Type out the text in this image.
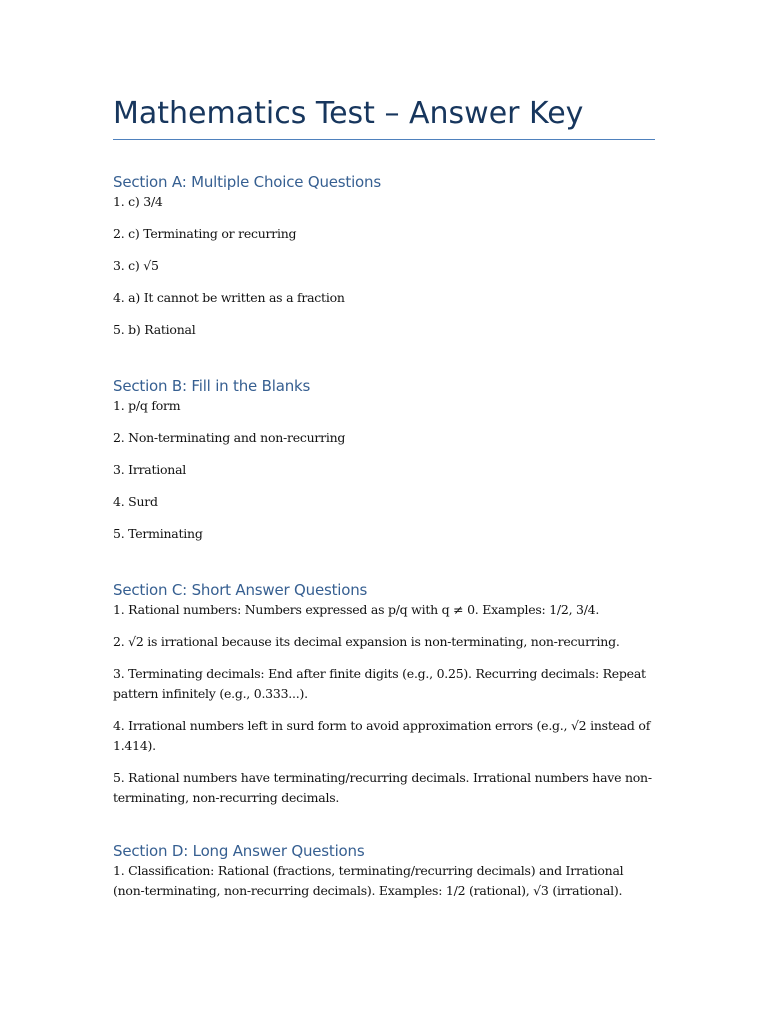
Mathematics Test – Answer Key
Section A: Multiple Choice Questions
1. c) 3/4
2. c) Terminating or recurring
3. c) √5
4. a) It cannot be written as a fraction
5. b) Rational
Section B: Fill in the Blanks
1. p/q form
2. Non-terminating and non-recurring
3. Irrational
4. Surd
5. Terminating
Section C: Short Answer Questions
1. Rational numbers: Numbers expressed as p/q with q ≠ 0. Examples: 1/2, 3/4.
2. √2 is irrational because its decimal expansion is non-terminating, non-recurring.
3. Terminating decimals: End after finite digits (e.g., 0.25). Recurring decimals: Repeat pattern infinitely (e.g., 0.333...).
4. Irrational numbers left in surd form to avoid approximation errors (e.g., √2 instead of 1.414).
5. Rational numbers have terminating/recurring decimals. Irrational numbers have non-terminating, non-recurring decimals.
Section D: Long Answer Questions
1. Classification: Rational (fractions, terminating/recurring decimals) and Irrational (non-terminating, non-recurring decimals). Examples: 1/2 (rational), √3 (irrational).
